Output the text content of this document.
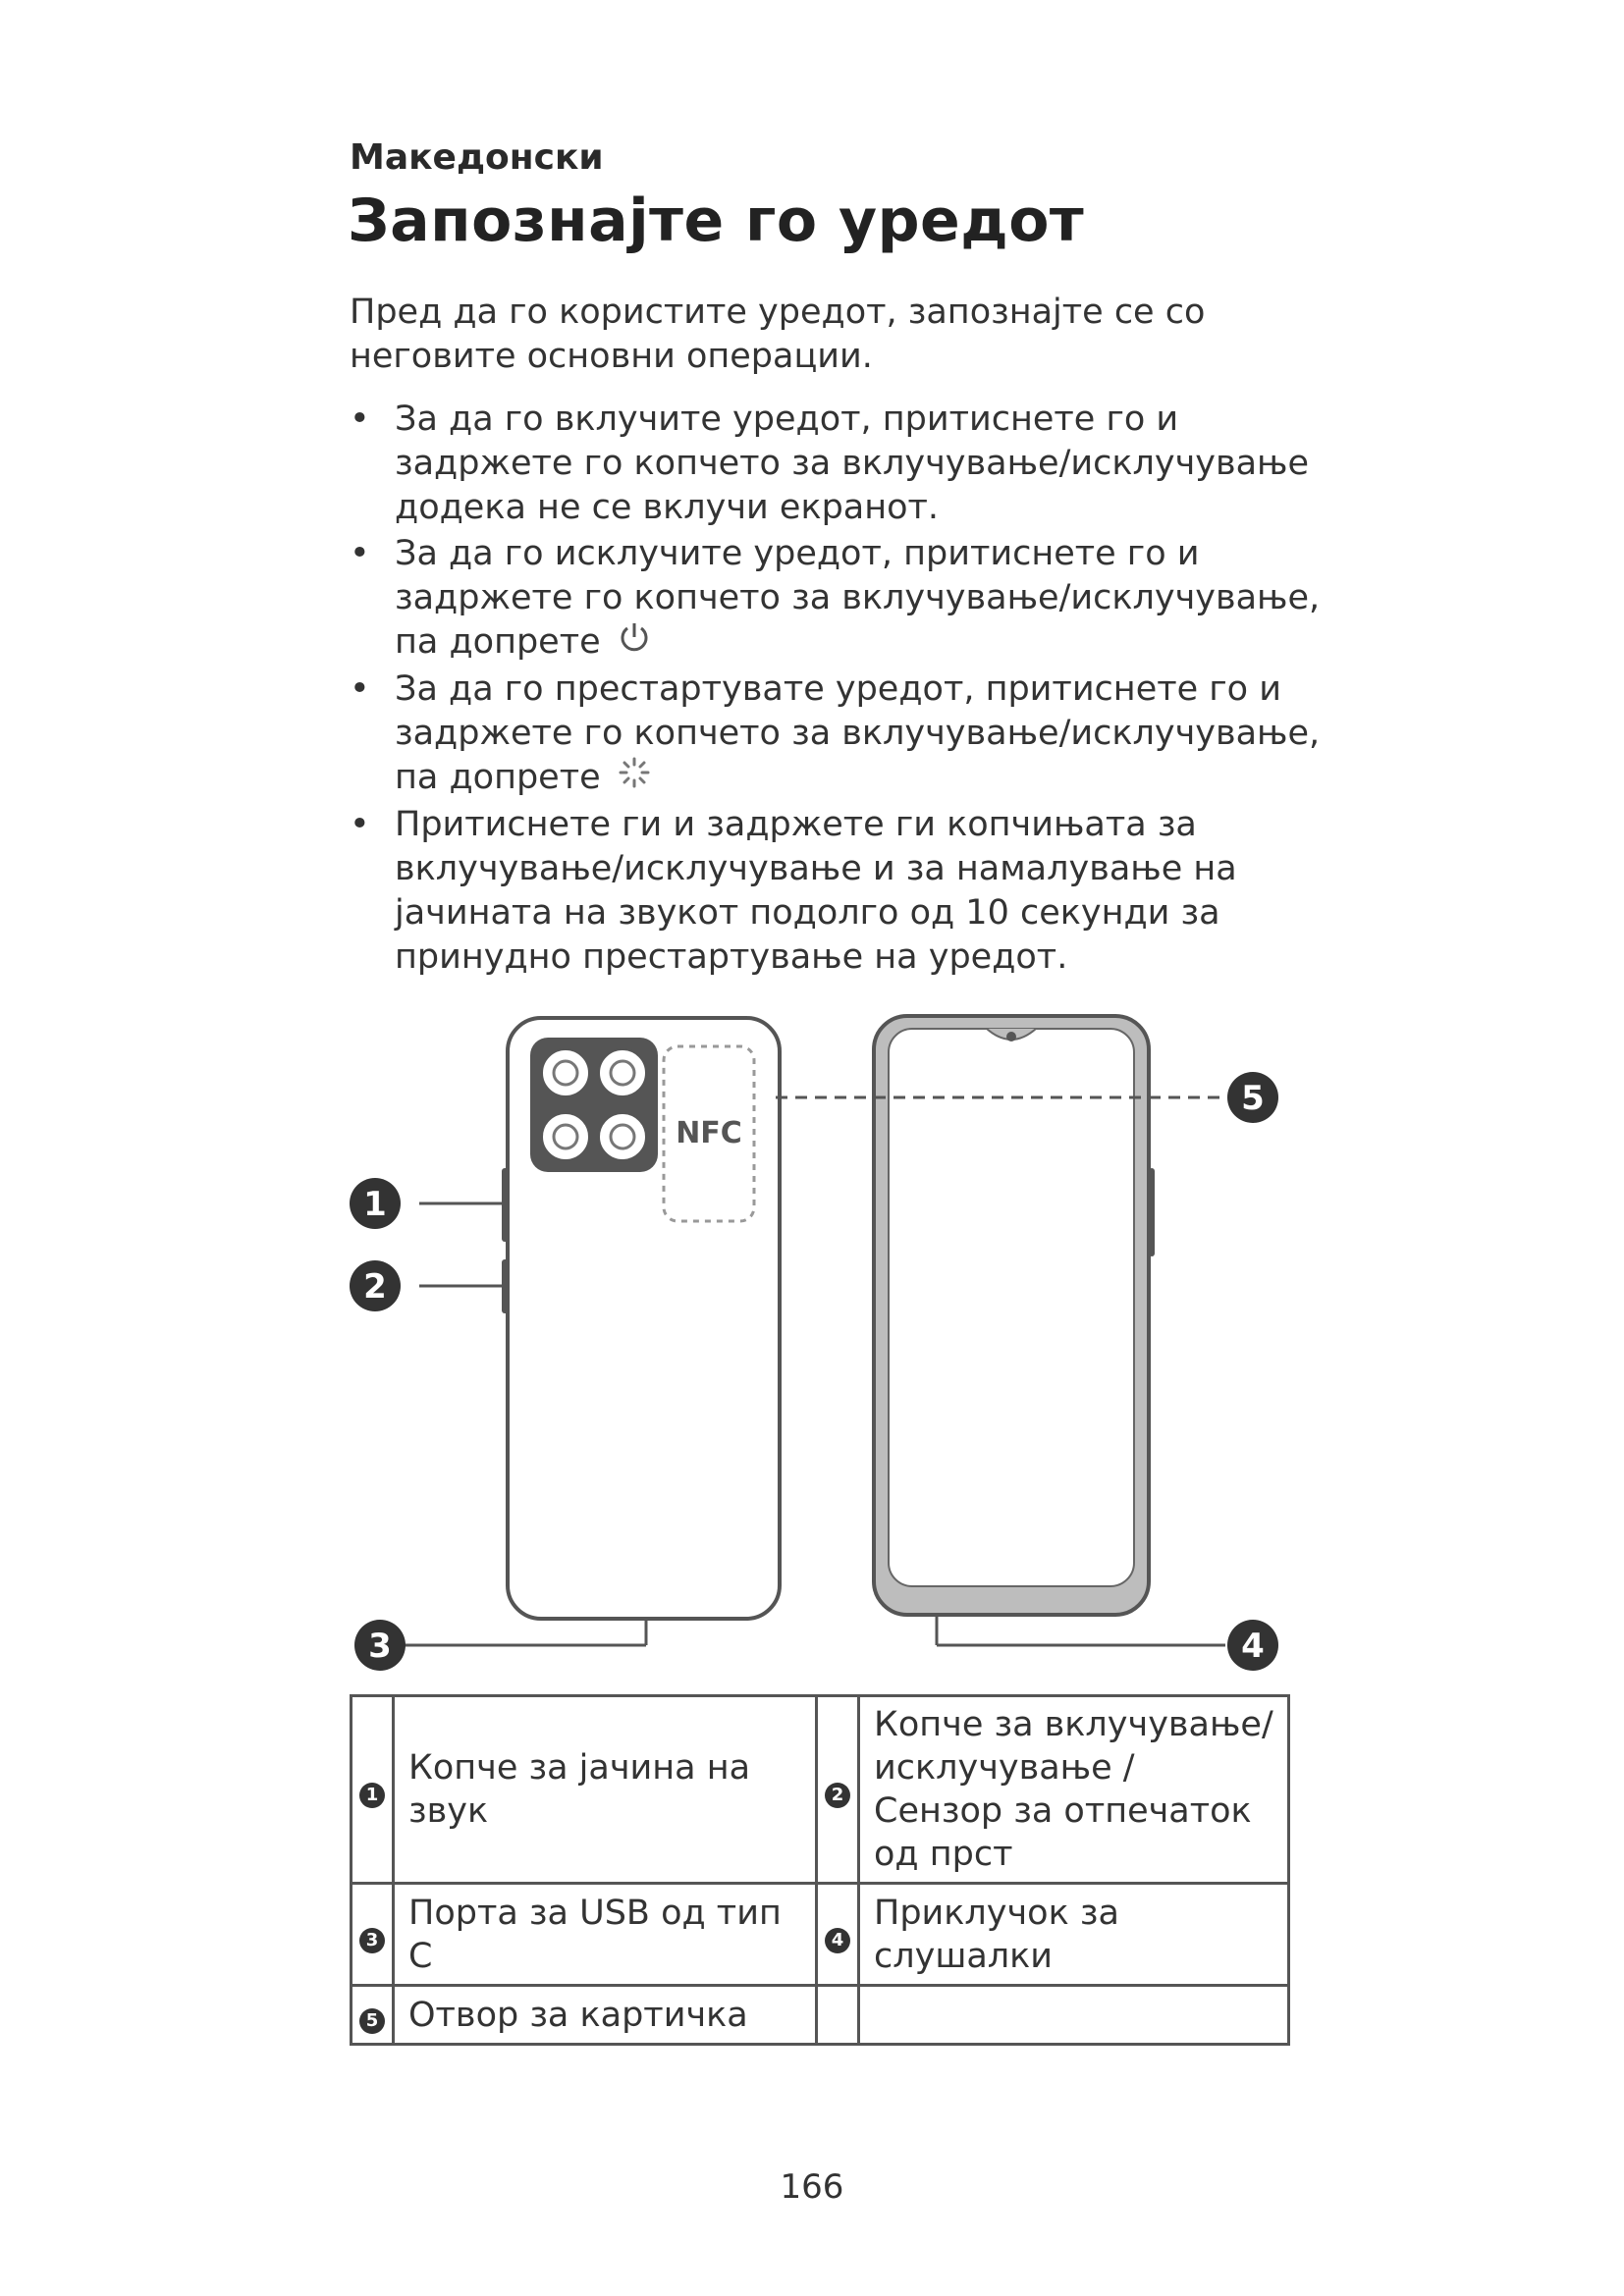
Македонски
Запознајте го уредот
Пред да го користите уредот, запознајте се со неговите основни операции.
• За да го вклучите уредот, притиснете го и задржете го копчето за вклучување/исклучување додека не се вклучи екранот.
• За да го исклучите уредот, притиснете го и задржете го копчето за вклучување/исклучување, па допрете
• За да го престартувате уредот, притиснете го и задржете го копчето за вклучување/исклучување, па допрете
• Притиснете ги и задржете ги копчињата за вклучување/исклучување и за намалување на јачината на звукот подолго од 10 секунди за принудно престартување на уредот.
NFC
1
2
3	4
5
1	Копче за јачина на звук	2	Копче за вклучување/ исклучување / Сензор за отпечаток од прст
3	Порта за USB од тип C	4	Приклучок за слушалки
5	Отвор за картичка		
166
